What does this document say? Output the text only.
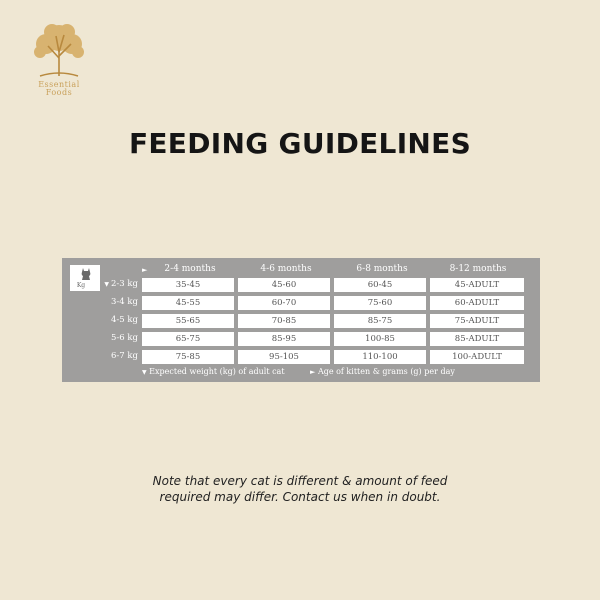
Essential
Foods
FEEDING GUIDELINES
Kg
►	2-4 months	4-6 months	6-8 months	8-12 months
▼ 2-3 kg	35-45	45-60	60-45	45-ADULT
3-4 kg	45-55	60-70	75-60	60-ADULT
4-5 kg	55-65	70-85	85-75	75-ADULT
5-6 kg	65-75	85-95	100-85	85-ADULT
6-7 kg	75-85	95-105	110-100	100-ADULT
▼ Expected weight (kg) of adult cat	► Age of kitten & grams (g) per day
Note that every cat is different & amount of feed
required may differ. Contact us when in doubt.
